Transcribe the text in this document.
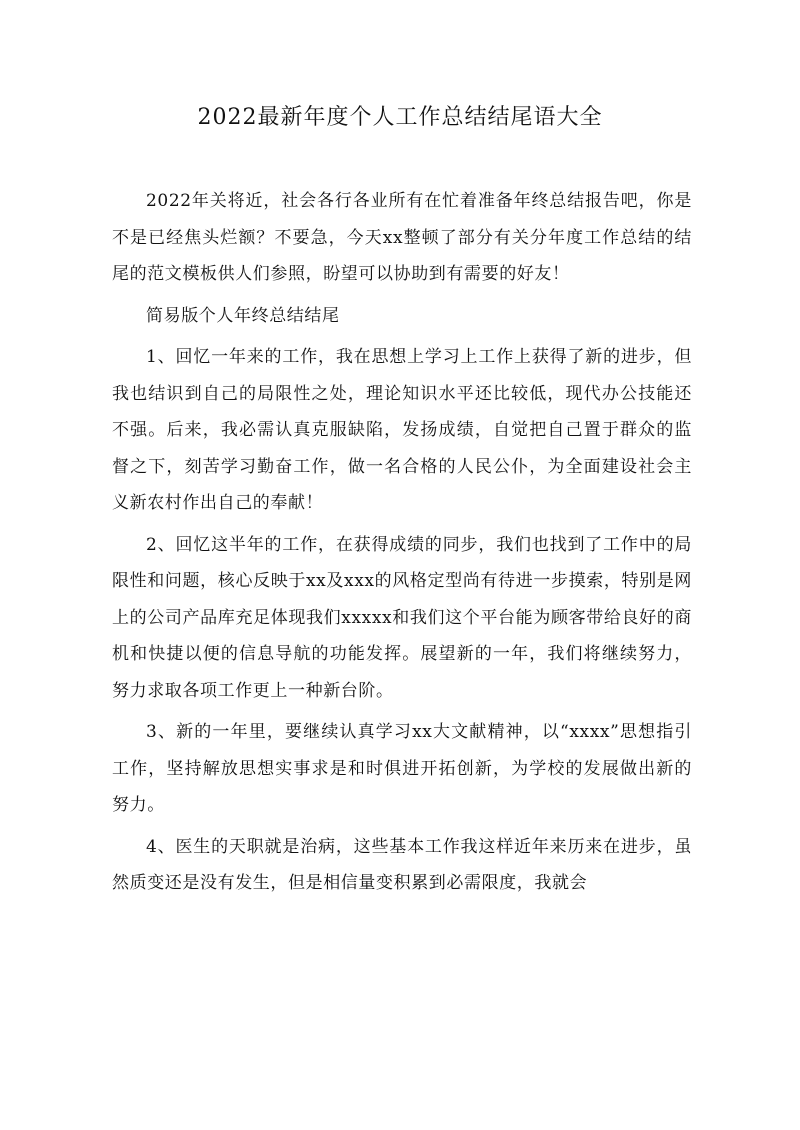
2022最新年度个人工作总结结尾语大全

2022年关将近，社会各行各业所有在忙着准备年终总结报告吧，你是不是已经焦头烂额？不要急，今天xx整顿了部分有关分年度工作总结的结尾的范文模板供人们参照，盼望可以协助到有需要的好友！

简易版个人年终总结结尾

1、回忆一年来的工作，我在思想上学习上工作上获得了新的进步，但我也结识到自己的局限性之处，理论知识水平还比较低，现代办公技能还不强。后来，我必需认真克服缺陷，发扬成绩，自觉把自己置于群众的监督之下，刻苦学习勤奋工作，做一名合格的人民公仆，为全面建设社会主义新农村作出自己的奉献！

2、回忆这半年的工作，在获得成绩的同步，我们也找到了工作中的局限性和问题，核心反映于xx及xxx的风格定型尚有待进一步摸索，特别是网上的公司产品库充足体现我们xxxxx和我们这个平台能为顾客带给良好的商机和快捷以便的信息导航的功能发挥。展望新的一年，我们将继续努力，努力求取各项工作更上一种新台阶。

3、新的一年里，要继续认真学习xx大文献精神，以“xxxx”思想指引工作，坚持解放思想实事求是和时俱进开拓创新，为学校的发展做出新的努力。

4、医生的天职就是治病，这些基本工作我这样近年来历来在进步，虽然质变还是没有发生，但是相信量变积累到必需限度，我就会
